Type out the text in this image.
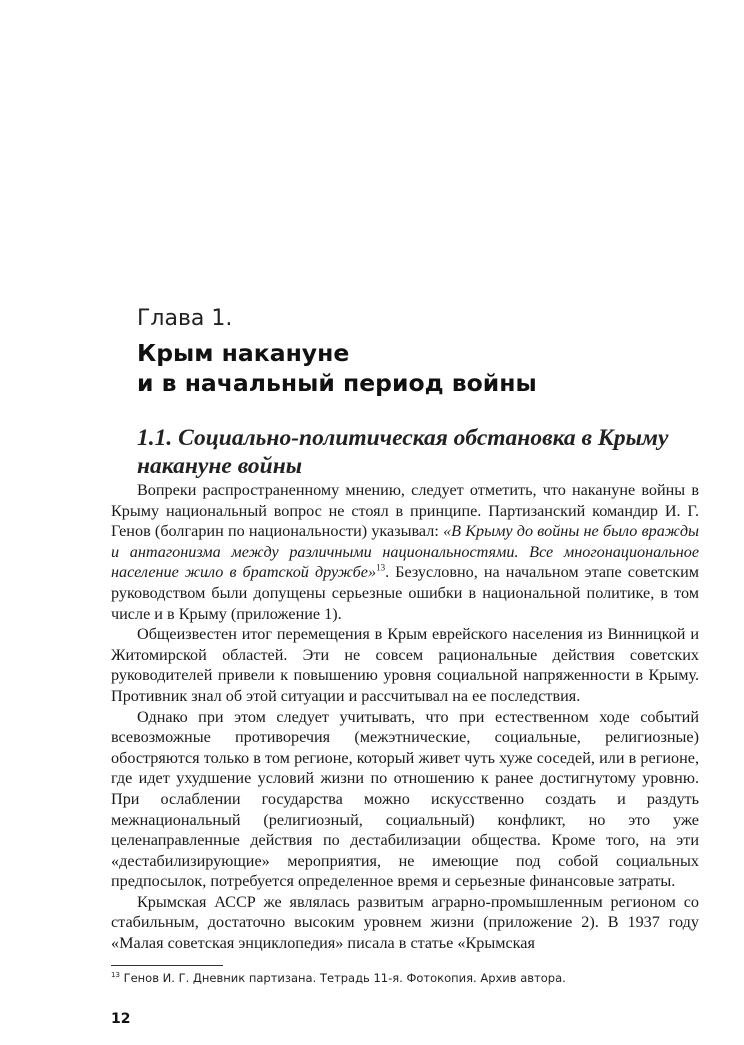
Глава 1.
Крым накануне
и в начальный период войны
1.1. Социально-политическая обстановка в Крыму
накануне войны

Вопреки распространенному мнению, следует отметить, что накануне войны в Крыму национальный вопрос не стоял в принципе. Партизанский командир И. Г. Генов (болгарин по национальности) указывал: «В Крыму до войны не было вражды и антагонизма между различными национальностями. Все многонациональное население жило в братской дружбе»$^{13}$. Безусловно, на начальном этапе советским руководством были допущены серьезные ошибки в национальной политике, в том числе и в Крыму (приложение 1).

Общеизвестен итог перемещения в Крым еврейского населения из Винницкой и Житомирской областей. Эти не совсем рациональные действия советских руководителей привели к повышению уровня социальной напряженности в Крыму. Противник знал об этой ситуации и рассчитывал на ее последствия.

Однако при этом следует учитывать, что при естественном ходе событий всевозможные противоречия (межэтнические, социальные, религиозные) обостряются только в том регионе, который живет чуть хуже соседей, или в регионе, где идет ухудшение условий жизни по отношению к ранее достигнутому уровню. При ослаблении государства можно искусственно создать и раздуть межнациональный (религиозный, социальный) конфликт, но это уже целенаправленные действия по дестабилизации общества. Кроме того, на эти «дестабилизирующие» мероприятия, не имеющие под собой социальных предпосылок, потребуется определенное время и серьезные финансовые затраты.

Крымская АССР же являлась развитым аграрно-промышленным регионом со стабильным, достаточно высоким уровнем жизни (приложение 2). В 1937 году «Малая советская энциклопедия» писала в статье «Крымская

$^{13}$ Генов И. Г. Дневник партизана. Тетрадь 11-я. Фотокопия. Архив автора.
12
